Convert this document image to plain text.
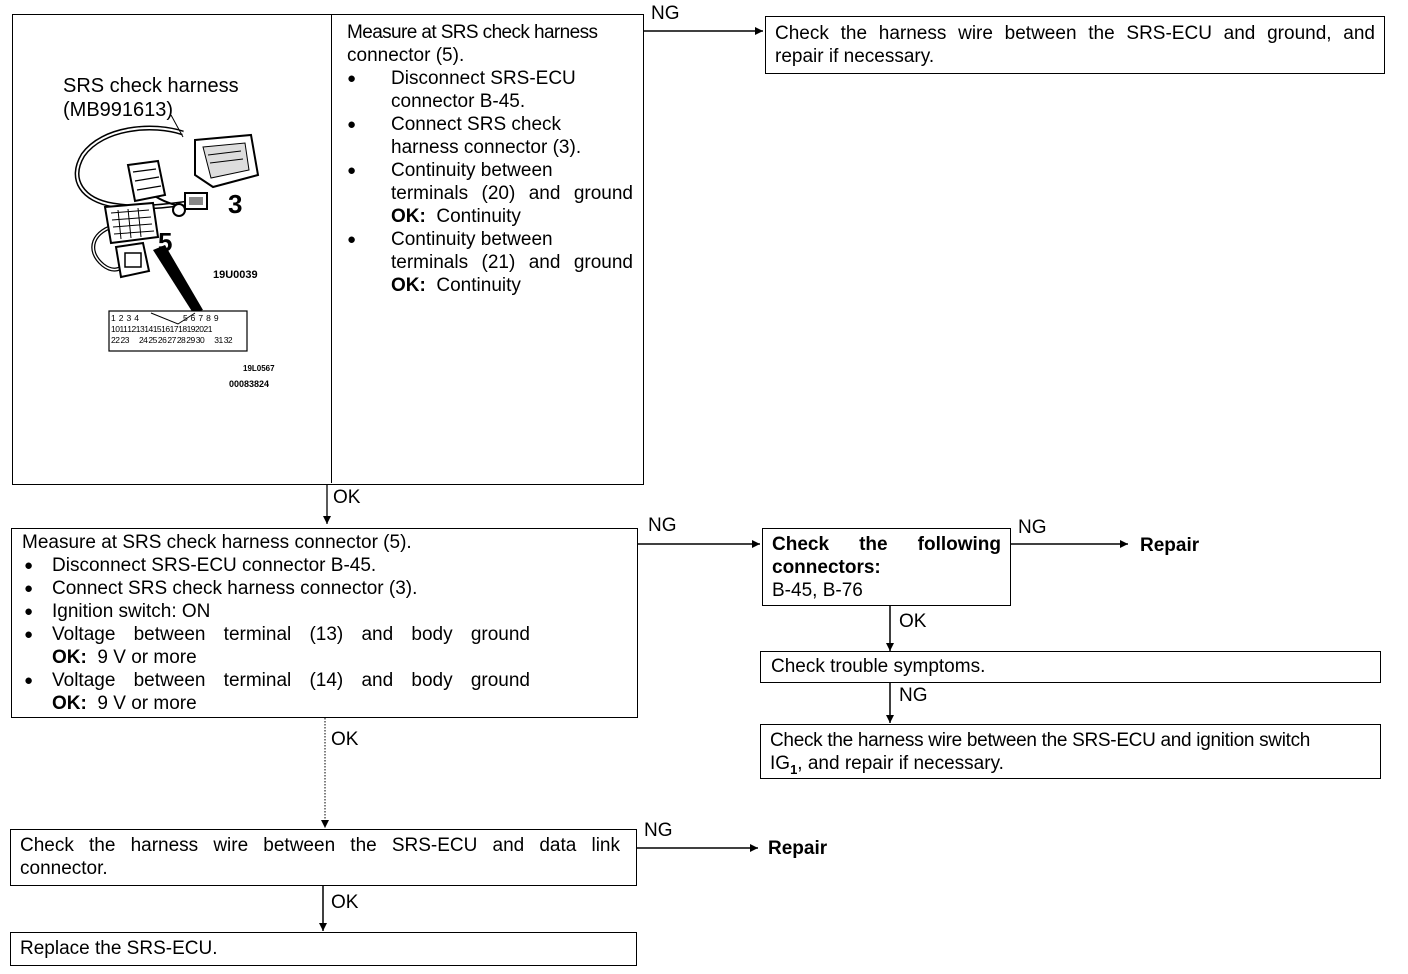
SRS check harness
(MB991613)
3
5
19U0039
1 2 3 4	5 6 7 8 9
10 11 12 13 14 15 16 17 18 19 20 21
22 23 24 25 26 27 28 29 30 31 32
19L0567
00083824
Measure at SRS check harness
connector (5).
● Disconnect SRS-ECU
connector B-45.
● Connect SRS check
harness connector (3).
● Continuity between
terminals (20) and ground
OK: Continuity
● Continuity between
terminals (21) and ground
OK: Continuity
NG
Check the harness wire between the SRS-ECU and ground, and
repair if necessary.
OK
Measure at SRS check harness connector (5).
● Disconnect SRS-ECU connector B-45.
● Connect SRS check harness connector (3).
● Ignition switch: ON
● Voltage between terminal (13) and body ground
OK: 9 V or more
● Voltage between terminal (14) and body ground
OK: 9 V or more
NG
OK
Check the following
connectors:
B-45, B-76
NG
Repair
OK
Check trouble symptoms.
NG
Check the harness wire between the SRS-ECU and ignition switch
$IG_1$, and repair if necessary.
Check the harness wire between the SRS-ECU and data link
connector.
NG
Repair
OK
Replace the SRS-ECU.
